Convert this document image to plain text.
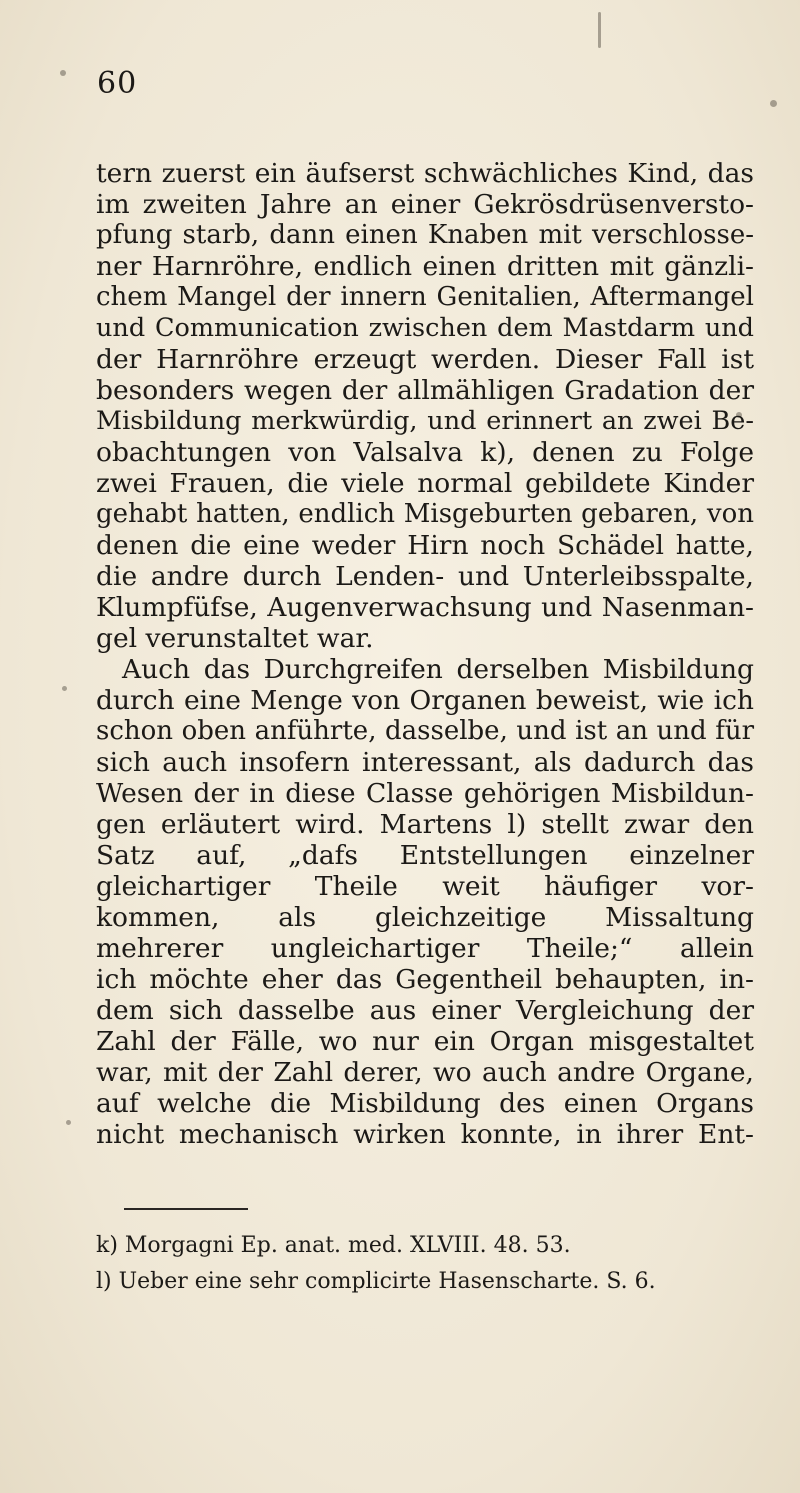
60
tern zuerst ein äufserst schwächliches Kind, das
im zweiten Jahre an einer Gekrösdrüsenversto-
pfung starb, dann einen Knaben mit verschlosse-
ner Harnröhre, endlich einen dritten mit gänzli-
chem Mangel der innern Genitalien, Aftermangel
und Communication zwischen dem Mastdarm und
der Harnröhre erzeugt werden. Dieser Fall ist
besonders wegen der allmähligen Gradation der
Misbildung merkwürdig, und erinnert an zwei Be-
obachtungen von Valsalva k), denen zu Folge
zwei Frauen, die viele normal gebildete Kinder
gehabt hatten, endlich Misgeburten gebaren, von
denen die eine weder Hirn noch Schädel hatte,
die andre durch Lenden- und Unterleibsspalte,
Klumpfüfse, Augenverwachsung und Nasenman-
gel verunstaltet war.
Auch das Durchgreifen derselben Misbildung
durch eine Menge von Organen beweist, wie ich
schon oben anführte, dasselbe, und ist an und für
sich auch insofern interessant, als dadurch das
Wesen der in diese Classe gehörigen Misbildun-
gen erläutert wird. Martens l) stellt zwar den
Satz auf, „dafs Entstellungen einzelner
gleichartiger Theile weit häufiger vor-
kommen, als gleichzeitige Missaltung
mehrerer ungleichartiger Theile;“ allein
ich möchte eher das Gegentheil behaupten, in-
dem sich dasselbe aus einer Vergleichung der
Zahl der Fälle, wo nur ein Organ misgestaltet
war, mit der Zahl derer, wo auch andre Organe,
auf welche die Misbildung des einen Organs
nicht mechanisch wirken konnte, in ihrer Ent-
k) Morgagni Ep. anat. med. XLVIII. 48. 53.
l) Ueber eine sehr complicirte Hasenscharte. S. 6.
